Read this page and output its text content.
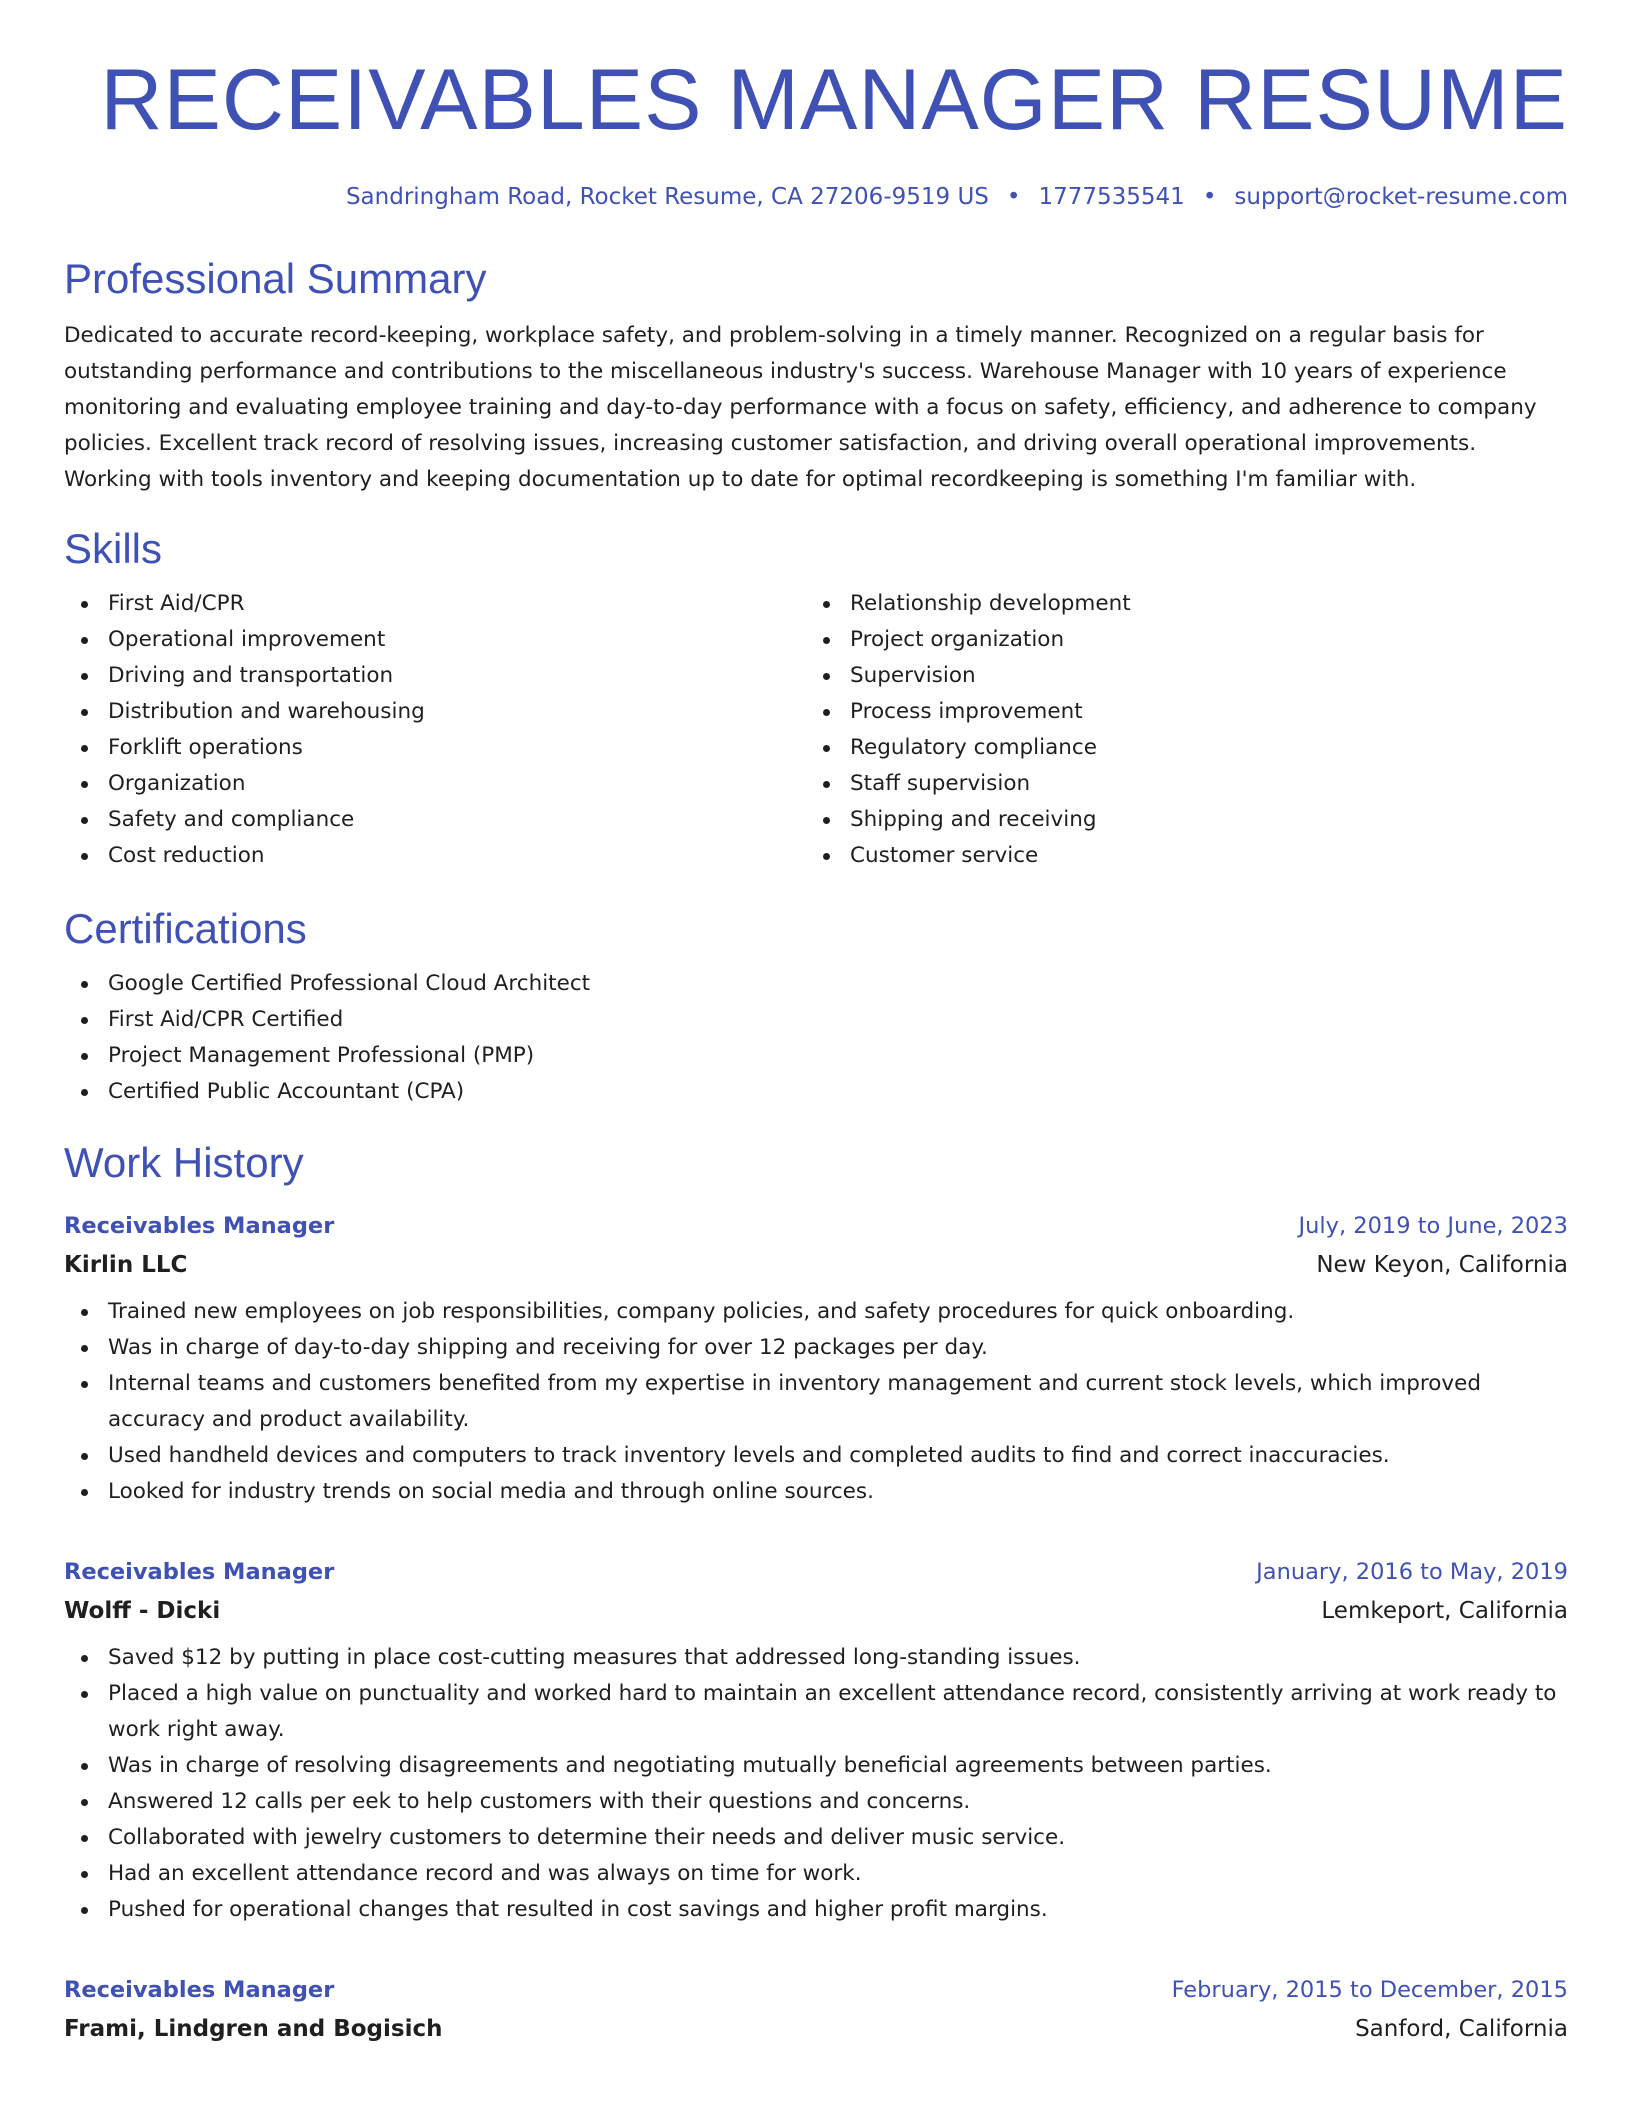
RECEIVABLES MANAGER RESUME
Sandringham Road, Rocket Resume, CA 27206-9519 US • 1777535541 • support@rocket-resume.com
Professional Summary

Dedicated to accurate record-keeping, workplace safety, and problem-solving in a timely manner. Recognized on a regular basis for outstanding performance and contributions to the miscellaneous industry's success. Warehouse Manager with 10 years of experience monitoring and evaluating employee training and day-to-day performance with a focus on safety, efficiency, and adherence to company policies. Excellent track record of resolving issues, increasing customer satisfaction, and driving overall operational improvements. Working with tools inventory and keeping documentation up to date for optimal recordkeeping is something I'm familiar with.

Skills
First Aid/CPR
Operational improvement
Driving and transportation
Distribution and warehousing
Forklift operations
Organization
Safety and compliance
Cost reduction
Relationship development
Project organization
Supervision
Process improvement
Regulatory compliance
Staff supervision
Shipping and receiving
Customer service
Certifications
Google Certified Professional Cloud Architect
First Aid/CPR Certified
Project Management Professional (PMP)
Certified Public Accountant (CPA)
Work History
Receivables Manager	July, 2019 to June, 2023
Kirlin LLC	New Keyon, California
Trained new employees on job responsibilities, company policies, and safety procedures for quick onboarding.
Was in charge of day-to-day shipping and receiving for over 12 packages per day.
Internal teams and customers benefited from my expertise in inventory management and current stock levels, which improved accuracy and product availability.
Used handheld devices and computers to track inventory levels and completed audits to find and correct inaccuracies.
Looked for industry trends on social media and through online sources.
Receivables Manager	January, 2016 to May, 2019
Wolff - Dicki	Lemkeport, California
Saved $12 by putting in place cost-cutting measures that addressed long-standing issues.
Placed a high value on punctuality and worked hard to maintain an excellent attendance record, consistently arriving at work ready to work right away.
Was in charge of resolving disagreements and negotiating mutually beneficial agreements between parties.
Answered 12 calls per eek to help customers with their questions and concerns.
Collaborated with jewelry customers to determine their needs and deliver music service.
Had an excellent attendance record and was always on time for work.
Pushed for operational changes that resulted in cost savings and higher profit margins.
Receivables Manager	February, 2015 to December, 2015
Frami, Lindgren and Bogisich	Sanford, California
